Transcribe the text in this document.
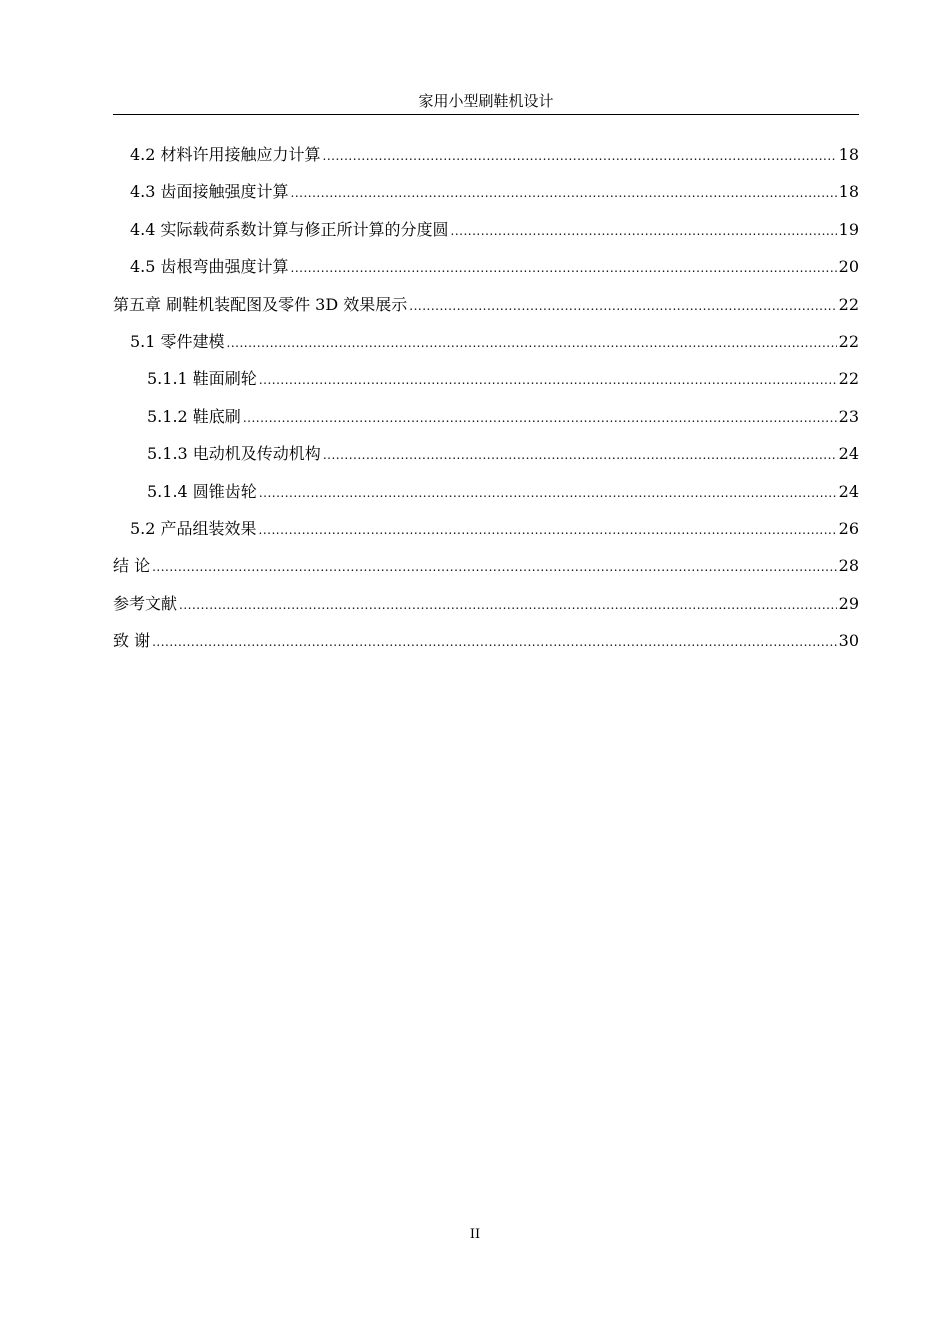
家用小型刷鞋机设计
4.2 材料许用接触应力计算 .....	18
4.3 齿面接触强度计算 .....	18
4.4 实际载荷系数计算与修正所计算的分度圆 .....	19
4.5 齿根弯曲强度计算 .....	20
第五章 刷鞋机装配图及零件 3D 效果展示 .....	22
5.1 零件建模 .....	22
5.1.1 鞋面刷轮 .....	22
5.1.2 鞋底刷 .....	23
5.1.3 电动机及传动机构 .....	24
5.1.4 圆锥齿轮 .....	24
5.2 产品组装效果 .....	26
结 论 .....	28
参考文献 .....	29
致 谢 .....	30
II
